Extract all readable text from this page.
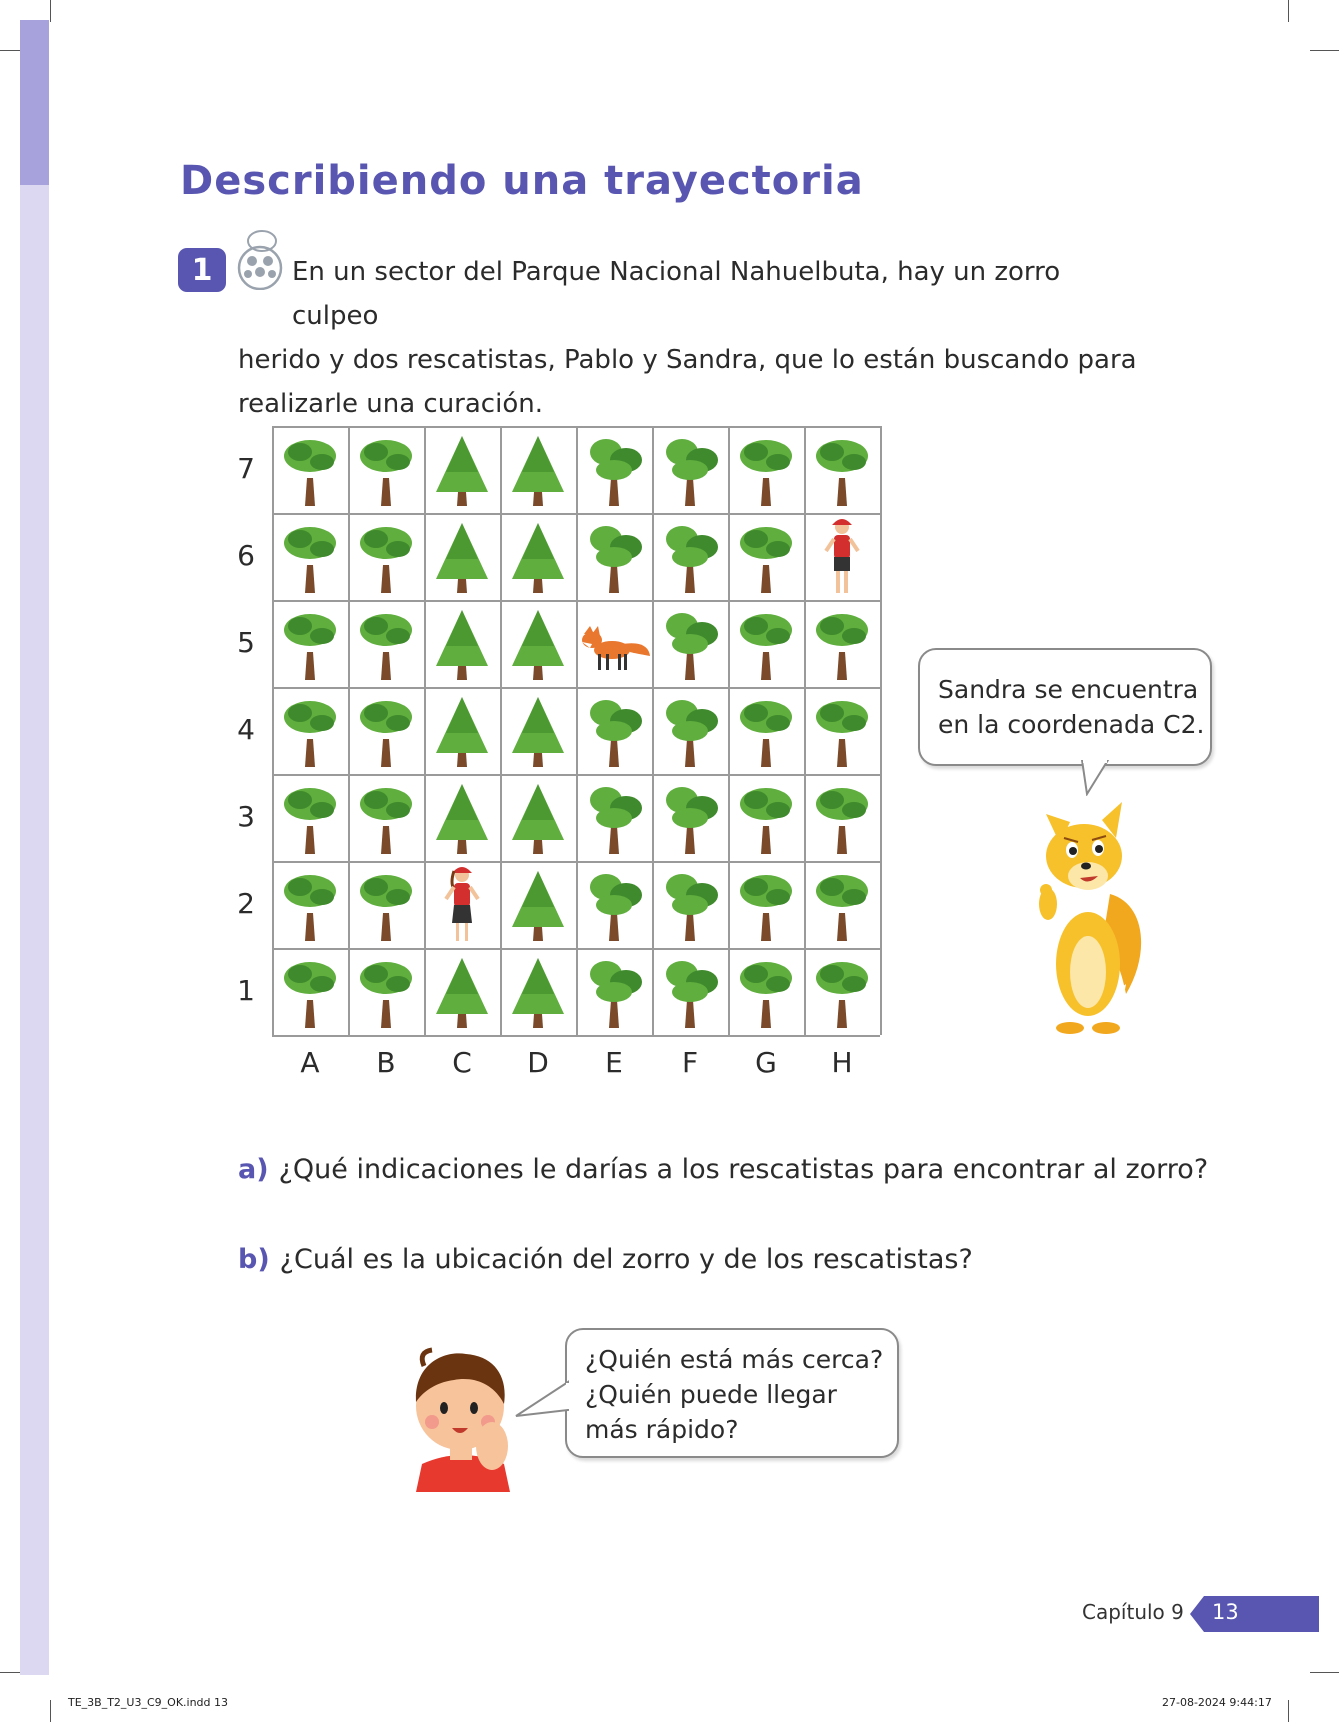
Describiendo una trayectoria
1	En un sector del Parque Nacional Nahuelbuta, hay un zorro culpeo
herido y dos rescatistas, Pablo y Sandra, que lo están buscando para
realizarle una curación.
7
6
5
4
3
2
1
A	B	C	D	E	F	G	H
Sandra se encuentra
en la coordenada C2.
a) ¿Qué indicaciones le darías a los rescatistas para encontrar al zorro?
b) ¿Cuál es la ubicación del zorro y de los rescatistas?
¿Quién está más cerca?
¿Quién puede llegar
más rápido?
Capítulo 9 13
TE_3B_T2_U3_C9_OK.indd 13	27-08-2024 9:44:17
